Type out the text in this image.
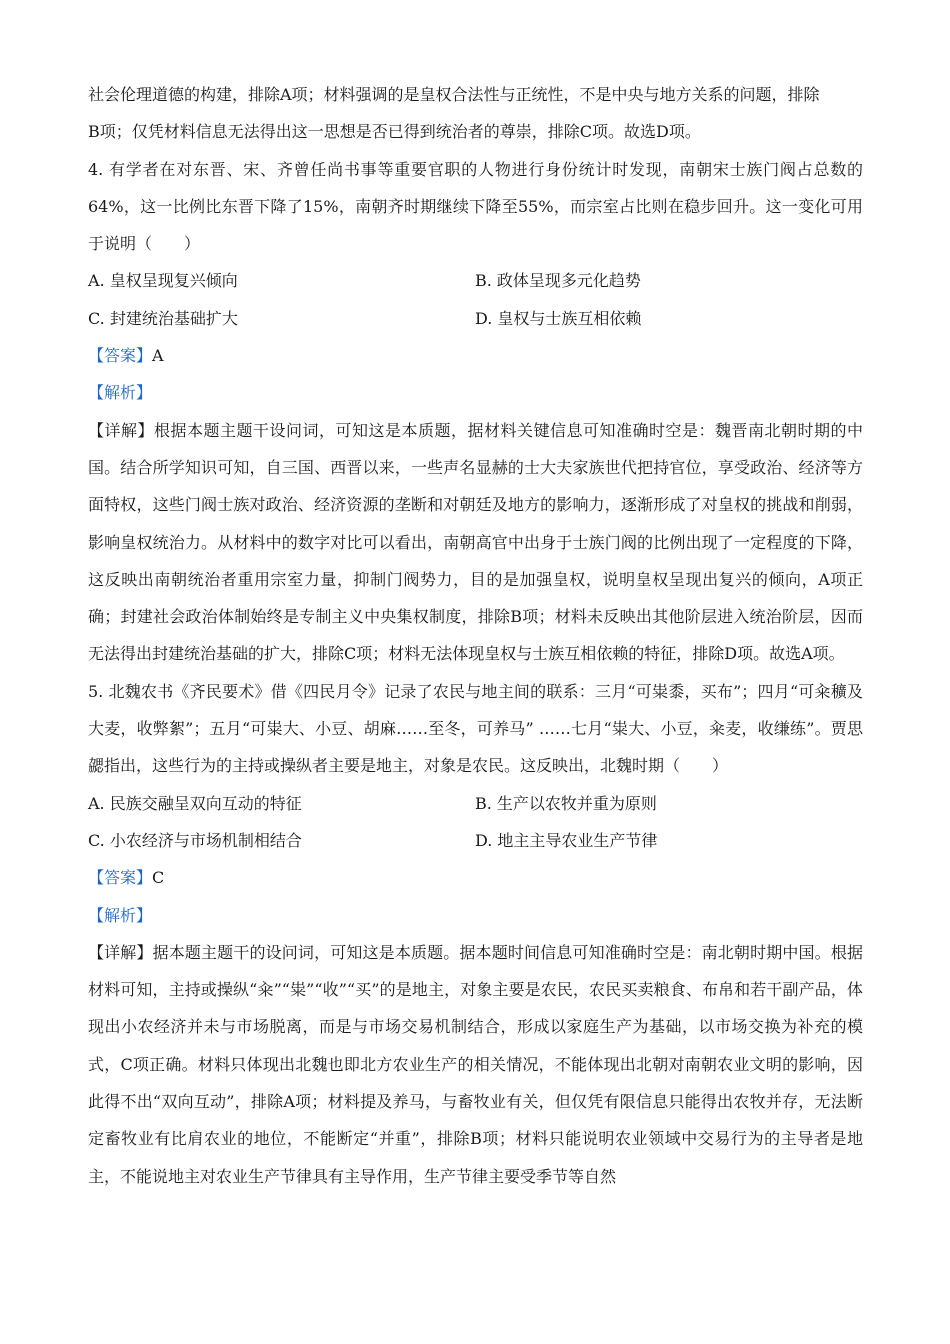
社会伦理道德的构建，排除A项；材料强调的是皇权合法性与正统性，不是中央与地方关系的问题，排除

B项；仅凭材料信息无法得出这一思想是否已得到统治者的尊崇，排除C项。故选D项。

4. 有学者在对东晋、宋、齐曾任尚书事等重要官职的人物进行身份统计时发现，南朝宋士族门阀占总数的64%，这一比例比东晋下降了15%，南朝齐时期继续下降至55%，而宗室占比则在稳步回升。这一变化可用于说明（　　）

A. 皇权呈现复兴倾向	B. 政体呈现多元化趋势
C. 封建统治基础扩大	D. 皇权与士族互相依赖

【答案】A

【解析】

【详解】根据本题主题干设问词，可知这是本质题，据材料关键信息可知准确时空是：魏晋南北朝时期的中国。结合所学知识可知，自三国、西晋以来，一些声名显赫的士大夫家族世代把持官位，享受政治、经济等方面特权，这些门阀士族对政治、经济资源的垄断和对朝廷及地方的影响力，逐渐形成了对皇权的挑战和削弱，影响皇权统治力。从材料中的数字对比可以看出，南朝高官中出身于士族门阀的比例出现了一定程度的下降，这反映出南朝统治者重用宗室力量，抑制门阀势力，目的是加强皇权，说明皇权呈现出复兴的倾向，A项正确；封建社会政治体制始终是专制主义中央集权制度，排除B项；材料未反映出其他阶层进入统治阶层，因而无法得出封建统治基础的扩大，排除C项；材料无法体现皇权与士族互相依赖的特征，排除D项。故选A项。

5. 北魏农书《齐民要术》借《四民月令》记录了农民与地主间的联系：三月“可粜黍，买布”；四月“可籴穬及大麦，收弊絮”；五月“可粜大、小豆、胡麻……至冬，可养马” ……七月“粜大、小豆，籴麦，收缣练”。贾思勰指出，这些行为的主持或操纵者主要是地主，对象是农民。这反映出，北魏时期（　　）

A. 民族交融呈双向互动的特征	B. 生产以农牧并重为原则
C. 小农经济与市场机制相结合	D. 地主主导农业生产节律

【答案】C

【解析】

【详解】据本题主题干的设问词，可知这是本质题。据本题时间信息可知准确时空是：南北朝时期中国。根据材料可知，主持或操纵“籴”“粜”“收”“买”的是地主，对象主要是农民，农民买卖粮食、布帛和若干副产品，体现出小农经济并未与市场脱离，而是与市场交易机制结合，形成以家庭生产为基础，以市场交换为补充的模式，C项正确。材料只体现出北魏也即北方农业生产的相关情况，不能体现出北朝对南朝农业文明的影响，因此得不出“双向互动”，排除A项；材料提及养马，与畜牧业有关，但仅凭有限信息只能得出农牧并存，无法断定畜牧业有比肩农业的地位，不能断定“并重”，排除B项；材料只能说明农业领域中交易行为的主导者是地主，不能说地主对农业生产节律具有主导作用，生产节律主要受季节等自然
